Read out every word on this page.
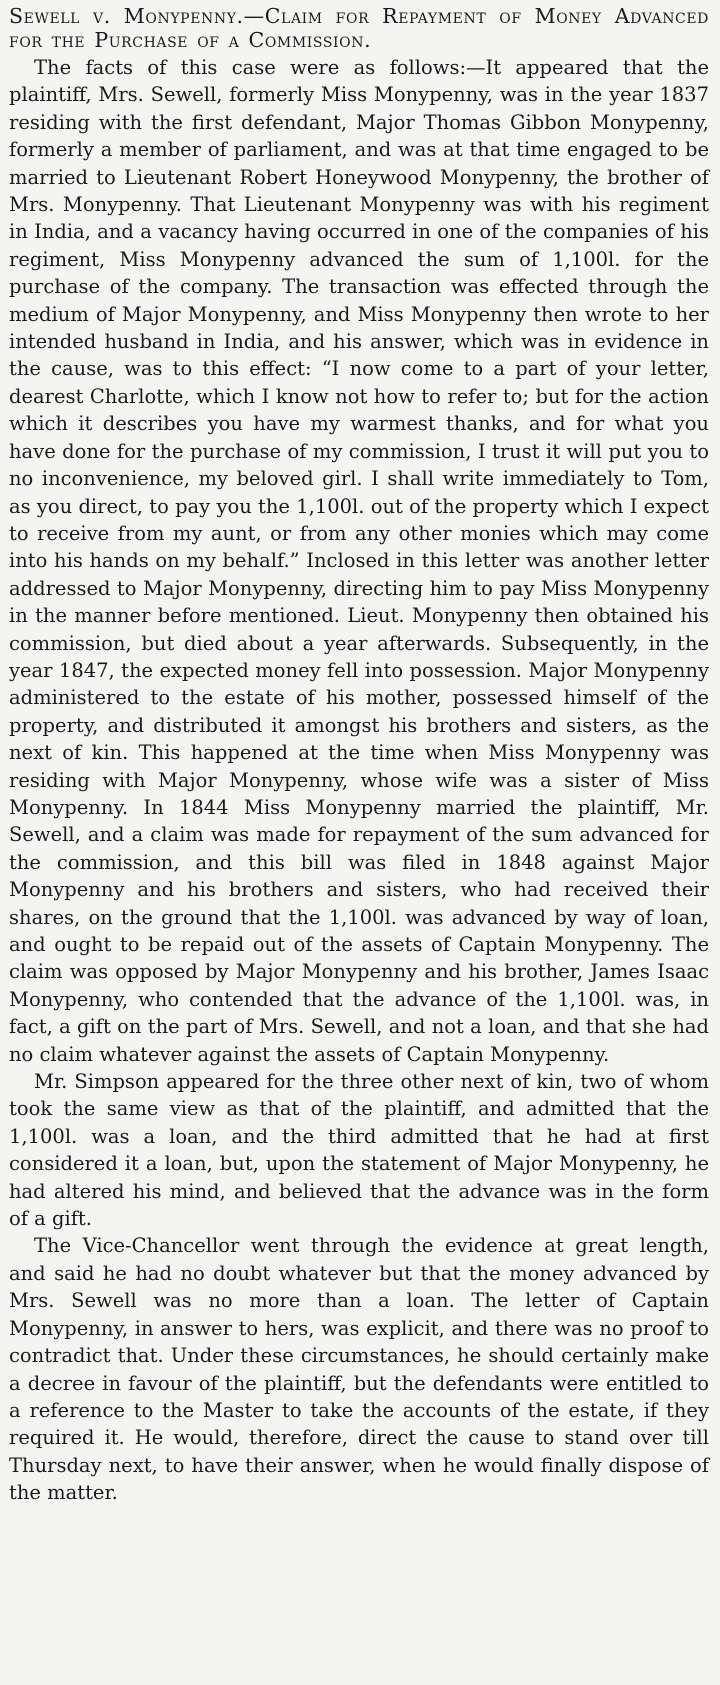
Sewell v. Monypenny.—Claim for Repayment of Money Advanced for the Purchase of a Commission.

The facts of this case were as follows:—It appeared that the plaintiff, Mrs. Sewell, formerly Miss Monypenny, was in the year 1837 residing with the first defendant, Major Thomas Gibbon Monypenny, formerly a member of parliament, and was at that time engaged to be married to Lieutenant Robert Honeywood Monypenny, the brother of Mrs. Monypenny. That Lieutenant Monypenny was with his regiment in India, and a vacancy having occurred in one of the companies of his regiment, Miss Monypenny advanced the sum of 1,100l. for the purchase of the company. The transaction was effected through the medium of Major Monypenny, and Miss Monypenny then wrote to her intended husband in India, and his answer, which was in evidence in the cause, was to this effect: “I now come to a part of your letter, dearest Charlotte, which I know not how to refer to; but for the action which it describes you have my warmest thanks, and for what you have done for the purchase of my commission, I trust it will put you to no inconvenience, my beloved girl. I shall write immediately to Tom, as you direct, to pay you the 1,100l. out of the property which I expect to receive from my aunt, or from any other monies which may come into his hands on my behalf.” Inclosed in this letter was another letter addressed to Major Monypenny, directing him to pay Miss Monypenny in the manner before mentioned. Lieut. Monypenny then obtained his commission, but died about a year afterwards. Subsequently, in the year 1847, the expected money fell into possession. Major Monypenny administered to the estate of his mother, possessed himself of the property, and distributed it amongst his brothers and sisters, as the next of kin. This happened at the time when Miss Monypenny was residing with Major Monypenny, whose wife was a sister of Miss Monypenny. In 1844 Miss Monypenny married the plaintiff, Mr. Sewell, and a claim was made for repayment of the sum advanced for the commission, and this bill was filed in 1848 against Major Monypenny and his brothers and sisters, who had received their shares, on the ground that the 1,100l. was advanced by way of loan, and ought to be repaid out of the assets of Captain Monypenny. The claim was opposed by Major Monypenny and his brother, James Isaac Monypenny, who contended that the advance of the 1,100l. was, in fact, a gift on the part of Mrs. Sewell, and not a loan, and that she had no claim whatever against the assets of Captain Monypenny.

Mr. Simpson appeared for the three other next of kin, two of whom took the same view as that of the plaintiff, and admitted that the 1,100l. was a loan, and the third admitted that he had at first considered it a loan, but, upon the statement of Major Monypenny, he had altered his mind, and believed that the advance was in the form of a gift.

The Vice-Chancellor went through the evidence at great length, and said he had no doubt whatever but that the money advanced by Mrs. Sewell was no more than a loan. The letter of Captain Monypenny, in answer to hers, was explicit, and there was no proof to contradict that. Under these circumstances, he should certainly make a decree in favour of the plaintiff, but the defendants were entitled to a reference to the Master to take the accounts of the estate, if they required it. He would, therefore, direct the cause to stand over till Thursday next, to have their answer, when he would finally dispose of the matter.
